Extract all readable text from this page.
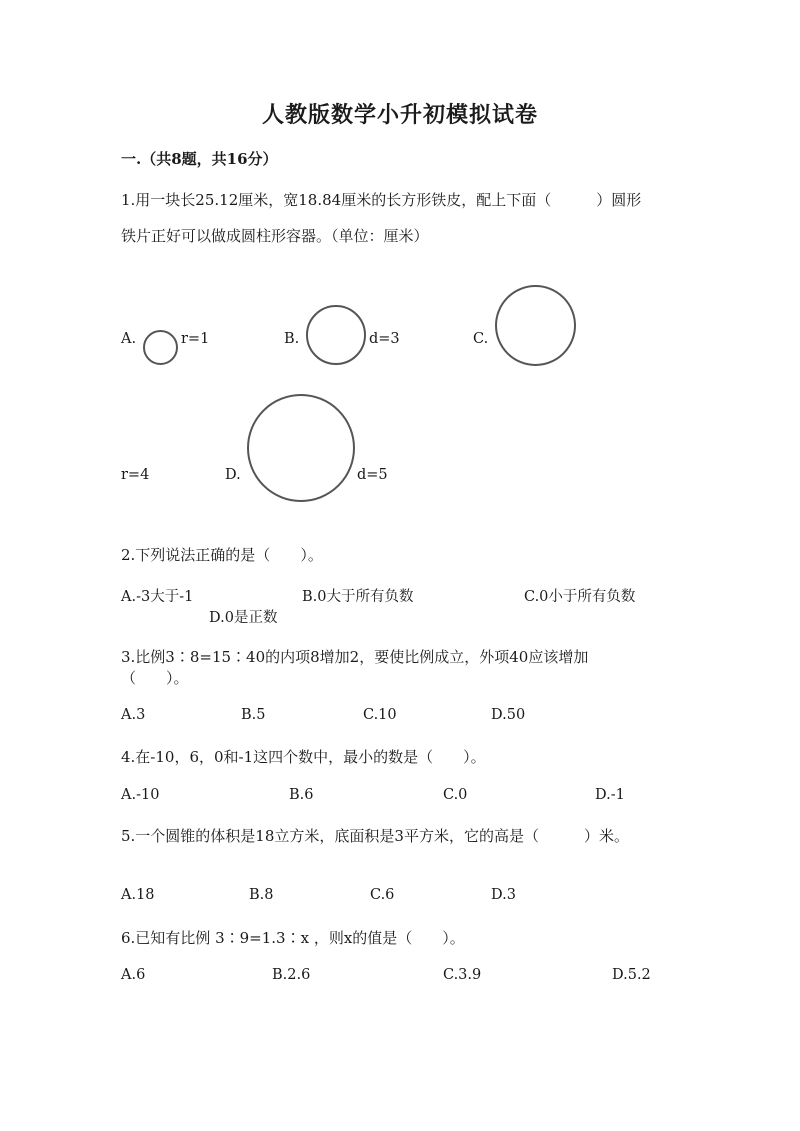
人教版数学小升初模拟试卷
一.（共8题，共16分）
1.用一块长25.12厘米，宽18.84厘米的长方形铁皮，配上下面（　　　）圆形
铁片正好可以做成圆柱形容器。（单位：厘米）
A.	r=1	B.	d=3	C.
r=4	D.	d=5
2.下列说法正确的是（　　）。
A.-3大于-1	B.0大于所有负数	C.0小于所有负数
D.0是正数
3.比例3∶8=15∶40的内项8增加2，要使比例成立，外项40应该增加
（　　）。
A.3	B.5	C.10	D.50
4.在-10，6，0和-1这四个数中，最小的数是（　　）。
A.-10	B.6	C.0	D.-1
5.一个圆锥的体积是18立方米，底面积是3平方米，它的高是（　　　）米。
A.18	B.8	C.6	D.3
6.已知有比例 3∶9=1.3∶x ，则x的值是（　　）。
A.6	B.2.6	C.3.9	D.5.2
